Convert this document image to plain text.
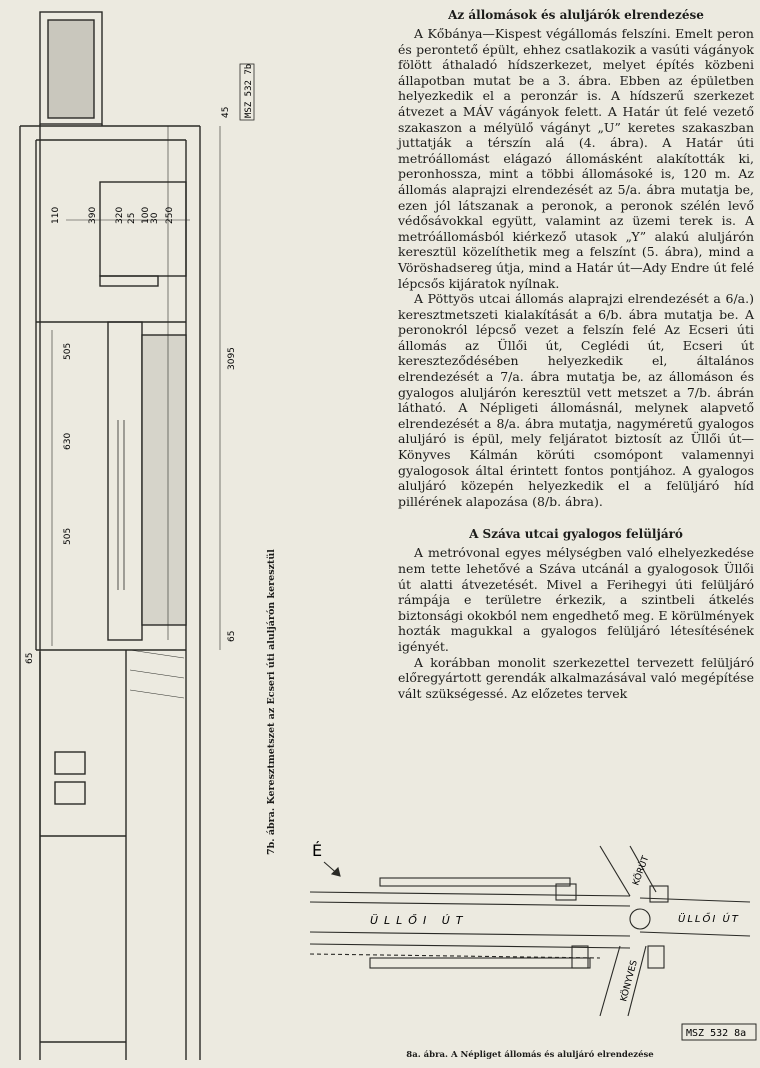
45
390 320 25 100 30 250
110
505
630
505
3095
65
65
MSZ 532 7b
7b. ábra. Keresztmetszet az Ecseri úti aluljárón keresztül
Az állomások és aluljárók elrendezése

A Kőbánya—Kispest végállomás felszíni. Emelt peron és perontető épült, ehhez csatlakozik a vasúti vágányok fölött áthaladó hídszerkezet, melyet építés közbeni állapotban mutat be a 3. ábra. Ebben az épületben helyezkedik el a peronzár is. A hídszerű szerkezet átvezet a MÁV vágányok felett. A Határ út felé vezető szakaszon a mélyülő vágányt „U” keretes szakaszban juttatják a térszín alá (4. ábra). A Határ úti metróállomást elágazó állomásként alakították ki, peronhossza, mint a többi állomásoké is, 120 m. Az állomás alaprajzi elrendezését az 5/a. ábra mutatja be, ezen jól látszanak a peronok, a peronok szélén levő védősávokkal együtt, valamint az üzemi terek is. A metróállomásból kiérkező utasok „Y” alakú aluljárón keresztül közelíthetik meg a felszínt (5. ábra), mind a Vöröshadsereg útja, mind a Határ út—Ady Endre út felé lépcsős kijáratok nyílnak.

A Pöttyös utcai állomás alaprajzi elrendezését a 6/a.) keresztmetszeti kialakítását a 6/b. ábra mutatja be. A peronokról lépcső vezet a felszín felé Az Ecseri úti állomás az Üllői út, Ceglédi út, Ecseri út kereszteződésében helyezkedik el, általános elrendezését a 7/a. ábra mutatja be, az állomáson és gyalogos aluljárón keresztül vett metszet a 7/b. ábrán látható. A Népligeti állomásnál, melynek alapvető elrendezését a 8/a. ábra mutatja, nagyméretű gyalogos aluljáró is épül, mely feljáratot biztosít az Üllői út—Könyves Kálmán körúti csomópont valamennyi gyalogosok által érintett fontos pontjához. A gyalogos aluljáró közepén helyezkedik el a felüljáró híd pillérének alapozása (8/b. ábra).

A Száva utcai gyalogos felüljáró

A metróvonal egyes mélységben való elhelyezkedése nem tette lehetővé a Száva utcánál a gyalogosok Üllői út alatti átvezetését. Mivel a Ferihegyi úti felüljáró rámpája e területre érkezik, a szintbeli átkelés biztonsági okokból nem engedhető meg. E körülmények hozták magukkal a gyalogos felüljáró létesítésének igényét.

A korábban monolit szerkezettel tervezett felüljáró előregyártott gerendák alkalmazásával való megépítése vált szükségessé. Az előzetes tervek

É
ÜLLŐI ÚT	ÜLLŐI ÚT
KÖRÚT
KÖNYVES
MSZ 532 8a
8a. ábra. A Népliget állomás és aluljáró elrendezése
